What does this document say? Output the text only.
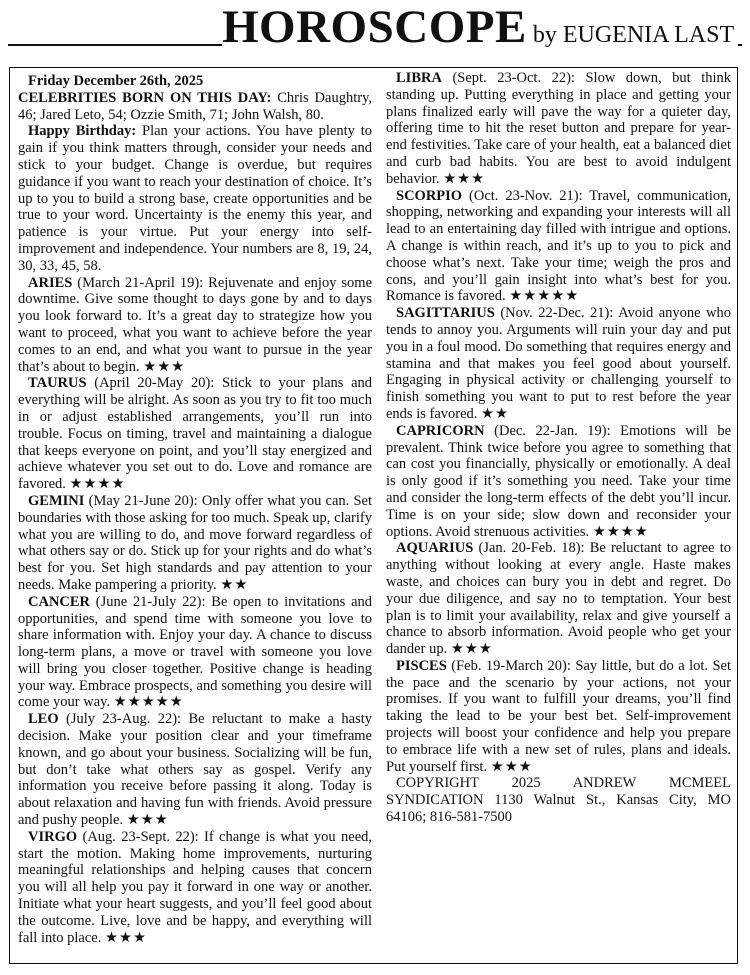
HOROSCOPE by EUGENIA LAST

Friday December 26th, 2025

CELEBRITIES BORN ON THIS DAY: Chris Daughtry, 46; Jared Leto, 54; Ozzie Smith, 71; John Walsh, 80.

Happy Birthday: Plan your actions. You have plenty to gain if you think matters through, consider your needs and stick to your budget. Change is overdue, but requires guidance if you want to reach your destination of choice. It’s up to you to build a strong base, create opportunities and be true to your word. Uncertainty is the enemy this year, and patience is your virtue. Put your energy into self-improvement and independence. Your numbers are 8, 19, 24, 30, 33, 45, 58.

ARIES (March 21-April 19): Rejuvenate and enjoy some downtime. Give some thought to days gone by and to days you look forward to. It’s a great day to strategize how you want to proceed, what you want to achieve before the year comes to an end, and what you want to pursue in the year that’s about to begin. ★★★

TAURUS (April 20-May 20): Stick to your plans and everything will be alright. As soon as you try to fit too much in or adjust established arrangements, you’ll run into trouble. Focus on timing, travel and maintaining a dialogue that keeps everyone on point, and you’ll stay energized and achieve whatever you set out to do. Love and romance are favored. ★★★★

GEMINI (May 21-June 20): Only offer what you can. Set boundaries with those asking for too much. Speak up, clarify what you are willing to do, and move forward regardless of what others say or do. Stick up for your rights and do what’s best for you. Set high standards and pay attention to your needs. Make pampering a priority. ★★

CANCER (June 21-July 22): Be open to invitations and opportunities, and spend time with someone you love to share information with. Enjoy your day. A chance to discuss long-term plans, a move or travel with someone you love will bring you closer together. Positive change is heading your way. Embrace prospects, and something you desire will come your way. ★★★★★

LEO (July 23-Aug. 22): Be reluctant to make a hasty decision. Make your position clear and your timeframe known, and go about your business. Socializing will be fun, but don’t take what others say as gospel. Verify any information you receive before passing it along. Today is about relaxation and having fun with friends. Avoid pressure and pushy people. ★★★

VIRGO (Aug. 23-Sept. 22): If change is what you need, start the motion. Making home improvements, nurturing meaningful relationships and helping causes that concern you will all help you pay it forward in one way or another. Initiate what your heart suggests, and you’ll feel good about the outcome. Live, love and be happy, and everything will fall into place. ★★★

LIBRA (Sept. 23-Oct. 22): Slow down, but think standing up. Putting everything in place and getting your plans finalized early will pave the way for a quieter day, offering time to hit the reset button and prepare for year-end festivities. Take care of your health, eat a balanced diet and curb bad habits. You are best to avoid indulgent behavior. ★★★

SCORPIO (Oct. 23-Nov. 21): Travel, communication, shopping, networking and expanding your interests will all lead to an entertaining day filled with intrigue and options. A change is within reach, and it’s up to you to pick and choose what’s next. Take your time; weigh the pros and cons, and you’ll gain insight into what’s best for you. Romance is favored. ★★★★★

SAGITTARIUS (Nov. 22-Dec. 21): Avoid anyone who tends to annoy you. Arguments will ruin your day and put you in a foul mood. Do something that requires energy and stamina and that makes you feel good about yourself. Engaging in physical activity or challenging yourself to finish something you want to put to rest before the year ends is favored. ★★

CAPRICORN (Dec. 22-Jan. 19): Emotions will be prevalent. Think twice before you agree to something that can cost you financially, physically or emotionally. A deal is only good if it’s something you need. Take your time and consider the long-term effects of the debt you’ll incur. Time is on your side; slow down and reconsider your options. Avoid strenuous activities. ★★★★

AQUARIUS (Jan. 20-Feb. 18): Be reluctant to agree to anything without looking at every angle. Haste makes waste, and choices can bury you in debt and regret. Do your due diligence, and say no to temptation. Your best plan is to limit your availability, relax and give yourself a chance to absorb information. Avoid people who get your dander up. ★★★

PISCES (Feb. 19-March 20): Say little, but do a lot. Set the pace and the scenario by your actions, not your promises. If you want to fulfill your dreams, you’ll find taking the lead to be your best bet. Self-improvement projects will boost your confidence and help you prepare to embrace life with a new set of rules, plans and ideals. Put yourself first. ★★★

COPYRIGHT 2025 ANDREW MCMEEL SYNDICATION 1130 Walnut St., Kansas City, MO 64106; 816-581-7500
